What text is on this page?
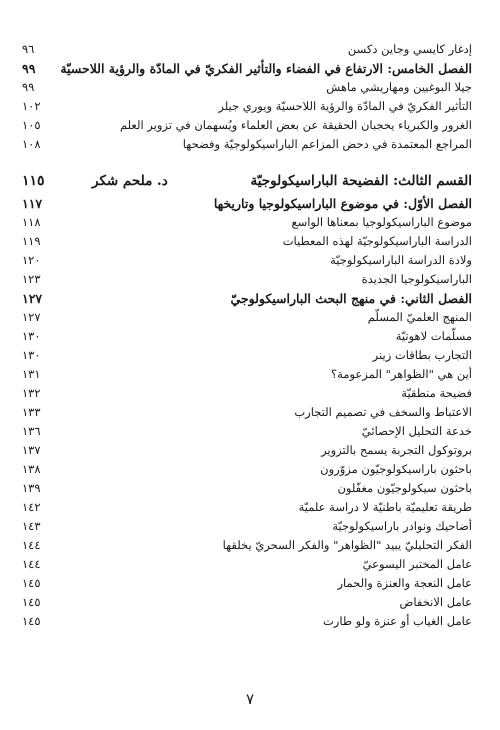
إدغار كايسي وجاين دكسن
٩٦
الفصل الخامس: الارتفاع في الفضاء والتأثير الفكريّ في المادّة والرؤية اللاحسيّة
٩٩
جيلا البوغيين ومهاريشي ماهش
٩٩
التأثير الفكريّ في المادّة والرؤية اللاحسيّة ويوري جيلر
١٠٢
الغرور والكبرياء يحجبان الحقيقة عن بعض العلماء ويُسهمان في تزوير العلم
١٠٥
المراجع المعتمدة في دحض المزاعم الباراسيكولوجيّة وفضحها
١٠٨
القسم الثالث: الفضيحة الباراسيكولوجيّة
د. ملحم شكر
١١٥
الفصل الأوّل: في موضوع الباراسيكولوجيا وتاريخها
١١٧
موضوع الباراسيكولوجيا بمعناها الواسع
١١٨
الدراسة الباراسيكولوجيّة لهذه المعطيات
١١٩
ولادة الدراسة الباراسيكولوجيّة
١٢٠
الباراسيكولوجيا الجديدة
١٢٣
الفصل الثاني: في منهج البحث الباراسيكولوجيّ
١٢٧
المنهج العلميّ المسلّم
١٢٧
مسلّمات لاهوتيّة
١٣٠
التجارب بطاقات زينر
١٣٠
أين هي "الظواهر" المزعومة؟
١٣١
فضيحة منطقيّة
١٣٢
الاعتباط والسخف في تصميم التجارب
١٣٣
خدعة التحليل الإحصائيّ
١٣٦
بروتوكول التجربة يسمح بالتزوير
١٣٧
باحثون باراسيكولوجيّون مزوّرون
١٣٨
باحثون سيكولوجيّون مغفّلون
١٣٩
طريقة تعليميّة باطنيّة لا دراسة علميّة
١٤٢
أضاحيك ونوادر باراسيكولوجيّة
١٤٣
الفكر التحليليّ يبيد "الظواهر" والفكر السحريّ يخلقها
١٤٤
عامل المختبر اليسوعيّ
١٤٤
عامل النعجة والعنزة والحمار
١٤٥
عامل الانخفاض
١٤٥
عامل الغياب أو عنزة ولو طارت
١٤٥
٧
